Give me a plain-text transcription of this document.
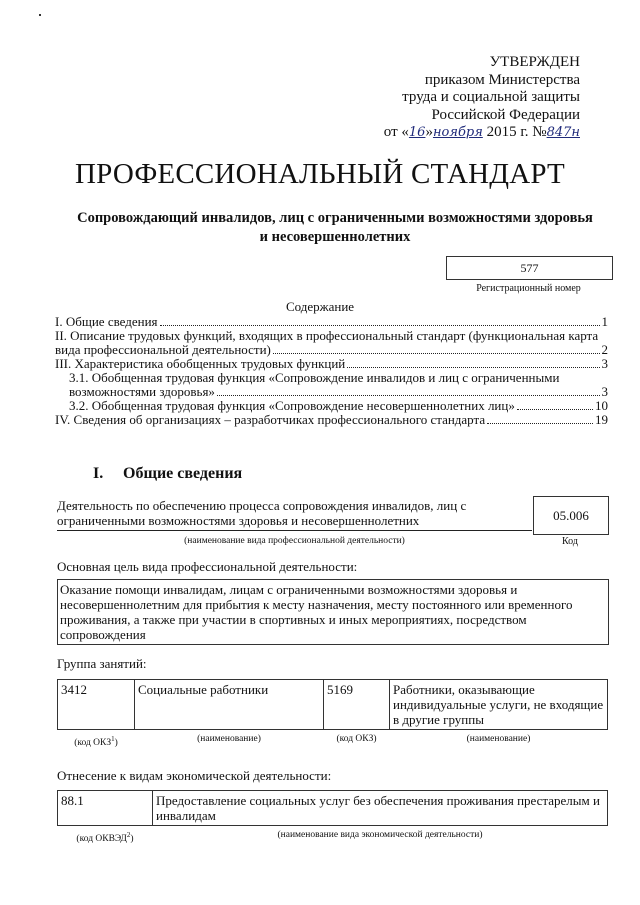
УТВЕРЖДЕН
приказом Министерства
труда и социальной защиты
Российской Федерации
от «16»ноября 2015 г. №847н
ПРОФЕССИОНАЛЬНЫЙ СТАНДАРТ
Сопровождающий инвалидов, лиц с ограниченными возможностями здоровья
и несовершеннолетних
577
Регистрационный номер
Содержание
I. Общие сведения	1
II. Описание трудовых функций, входящих в профессиональный стандарт (функциональная карта
вида профессиональной деятельности)	2
III. Характеристика обобщенных трудовых функций	3
3.1. Обобщенная трудовая функция «Сопровождение инвалидов и лиц с ограниченными
возможностями здоровья»	3
3.2. Обобщенная трудовая функция «Сопровождение несовершеннолетних лиц»	10
IV. Сведения об организациях – разработчиках профессионального стандарта	19
I. Общие сведения
Деятельность по обеспечению процесса сопровождения инвалидов, лиц с
ограниченными возможностями здоровья и несовершеннолетних
(наименование вида профессиональной деятельности)
05.006
Код
Основная цель вида профессиональной деятельности:
Оказание помощи инвалидам, лицам с ограниченными возможностями здоровья и несовершеннолетним для прибытия к месту назначения, месту постоянного или временного проживания, а также при участии в спортивных и иных мероприятиях, посредством сопровождения
Группа занятий:
3412	Социальные работники	5169	Работники, оказывающие индивидуальные услуги, не входящие в другие группы
(код ОКЗ$^1$)	(наименование)	(код ОКЗ)	(наименование)
Отнесение к видам экономической деятельности:
88.1	Предоставление социальных услуг без обеспечения проживания престарелым и инвалидам
(код ОКВЭД$^2$)	(наименование вида экономической деятельности)
